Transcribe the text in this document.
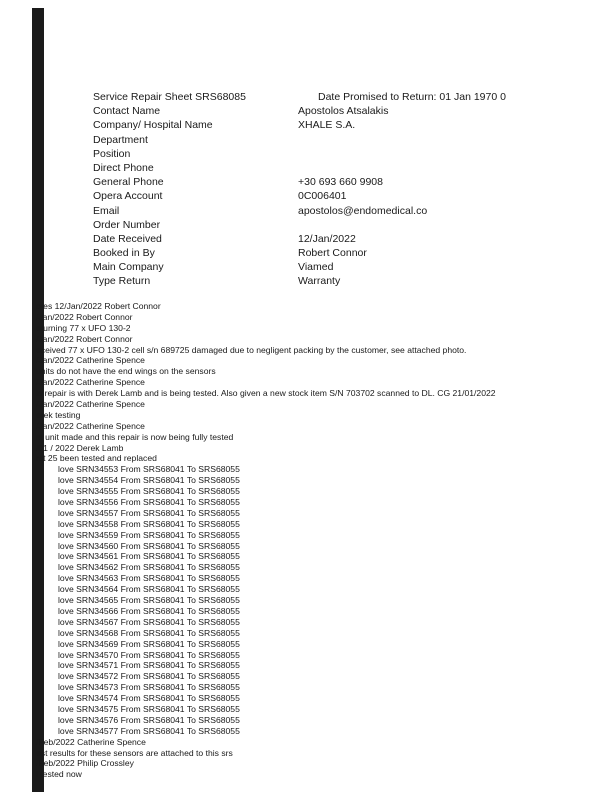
Service Repair Sheet SRS68085
Contact Name	Apostolos Atsalakis
Company/ Hospital Name	XHALE S.A.
Department
Position
Direct Phone
General Phone	+30 693 660 9908
Opera Account	0C006401
Email	apostolos@endomedical.co
Order Number
Date Received	12/Jan/2022
Booked in By	Robert Connor
Main Company	Viamed
Type Return	Warranty
Date Promised to Return: 01 Jan 1970 0
otes 12/Jan/2022 Robert Connor
/Jan/2022 Robert Connor
eturning 77 x UFO 130-2
/Jan/2022 Robert Connor
eceived 77 x UFO 130-2 cell s/n 689725 damaged due to negligent packing by the customer, see attached photo.
/Jan/2022 Catherine Spence
units do not have the end wings on the sensors
/Jan/2022 Catherine Spence
is repair is with Derek Lamb and is being tested. Also given a new stock item S/N 703702 scanned to DL. CG 21/01/2022
/Jan/2022 Catherine Spence
erek testing
/Jan/2022 Catherine Spence
st unit made and this repair is now being fully tested
/01 / 2022 Derek Lamb
rst 25 been tested and replaced
love SRN34553 From SRS68041 To SRS68055
love SRN34554 From SRS68041 To SRS68055
love SRN34555 From SRS68041 To SRS68055
love SRN34556 From SRS68041 To SRS68055
love SRN34557 From SRS68041 To SRS68055
love SRN34558 From SRS68041 To SRS68055
love SRN34559 From SRS68041 To SRS68055
love SRN34560 From SRS68041 To SRS68055
love SRN34561 From SRS68041 To SRS68055
love SRN34562 From SRS68041 To SRS68055
love SRN34563 From SRS68041 To SRS68055
love SRN34564 From SRS68041 To SRS68055
love SRN34565 From SRS68041 To SRS68055
love SRN34566 From SRS68041 To SRS68055
love SRN34567 From SRS68041 To SRS68055
love SRN34568 From SRS68041 To SRS68055
love SRN34569 From SRS68041 To SRS68055
love SRN34570 From SRS68041 To SRS68055
love SRN34571 From SRS68041 To SRS68055
love SRN34572 From SRS68041 To SRS68055
love SRN34573 From SRS68041 To SRS68055
love SRN34574 From SRS68041 To SRS68055
love SRN34575 From SRS68041 To SRS68055
love SRN34576 From SRS68041 To SRS68055
love SRN34577 From SRS68041 To SRS68055
/Feb/2022 Catherine Spence
est results for these sensors are attached to this srs
/Feb/2022 Philip Crossley
l tested now
